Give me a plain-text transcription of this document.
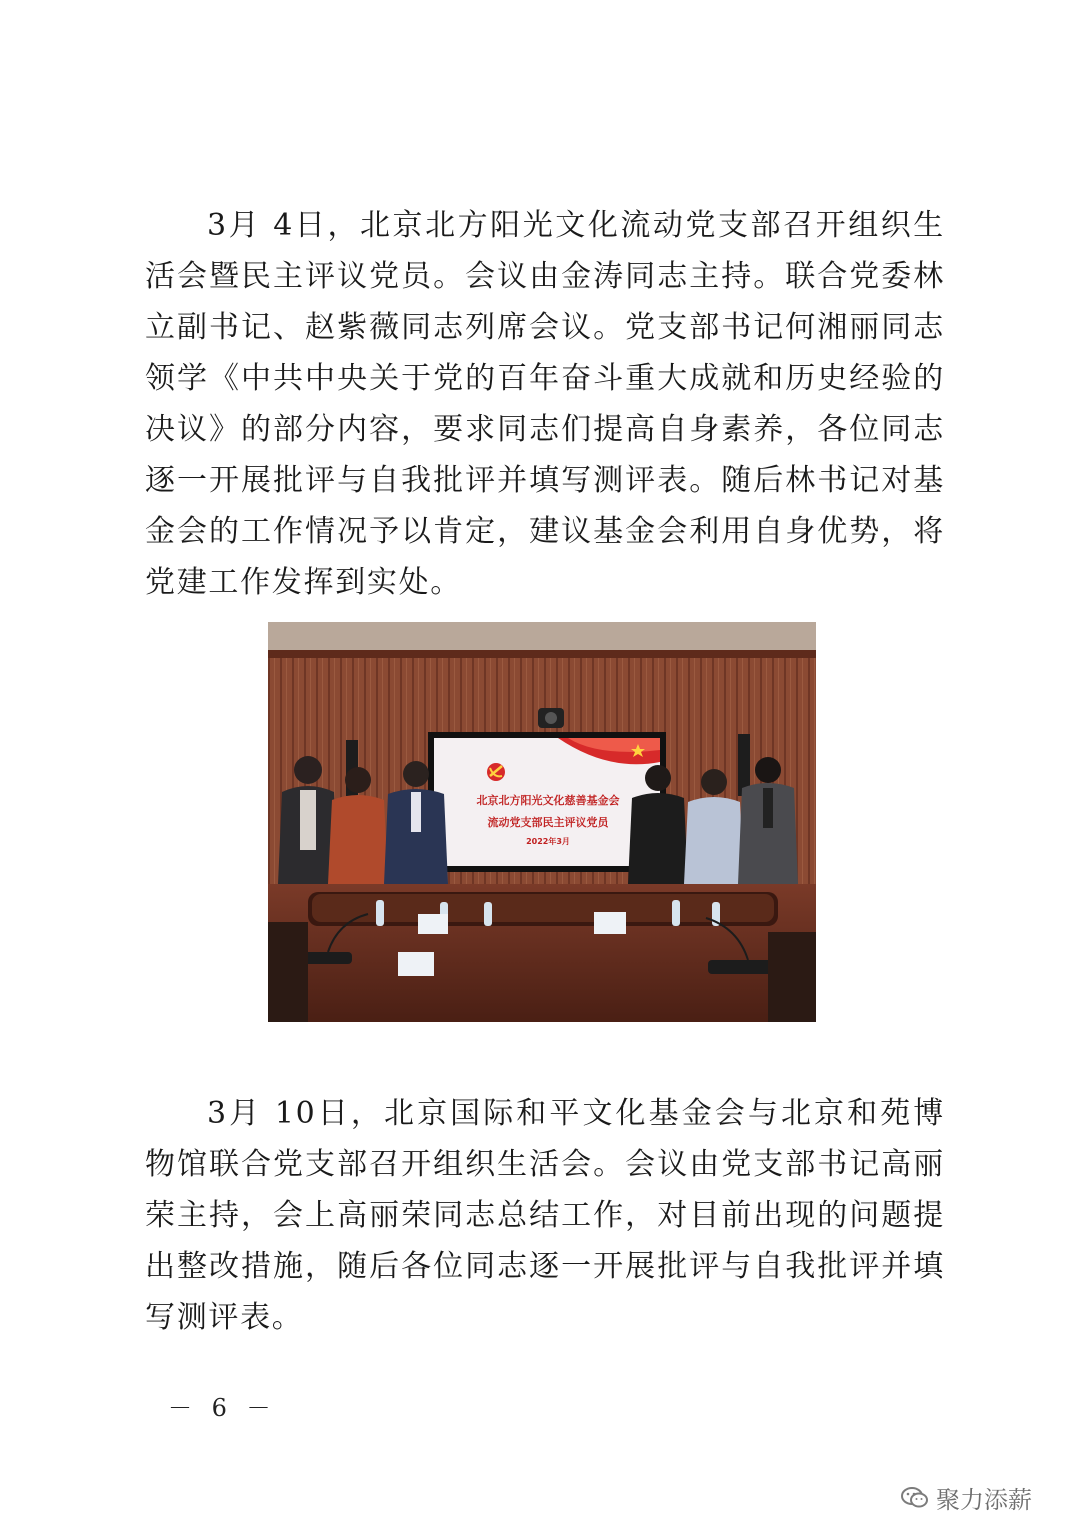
3月 4日，北京北方阳光文化流动党支部召开组织生活会暨民主评议党员。会议由金涛同志主持。联合党委林立副书记、赵紫薇同志列席会议。党支部书记何湘丽同志领学《中共中央关于党的百年奋斗重大成就和历史经验的决议》的部分内容，要求同志们提高自身素养，各位同志逐一开展批评与自我批评并填写测评表。随后林书记对基金会的工作情况予以肯定，建议基金会利用自身优势，将党建工作发挥到实处。

北京北方阳光文化慈善基金会
流动党支部民主评议党员
2022年3月

3月 10日，北京国际和平文化基金会与北京和苑博物馆联合党支部召开组织生活会。会议由党支部书记高丽荣主持，会上高丽荣同志总结工作，对目前出现的问题提出整改措施，随后各位同志逐一开展批评与自我批评并填写测评表。

－ 6 －
聚力添薪
